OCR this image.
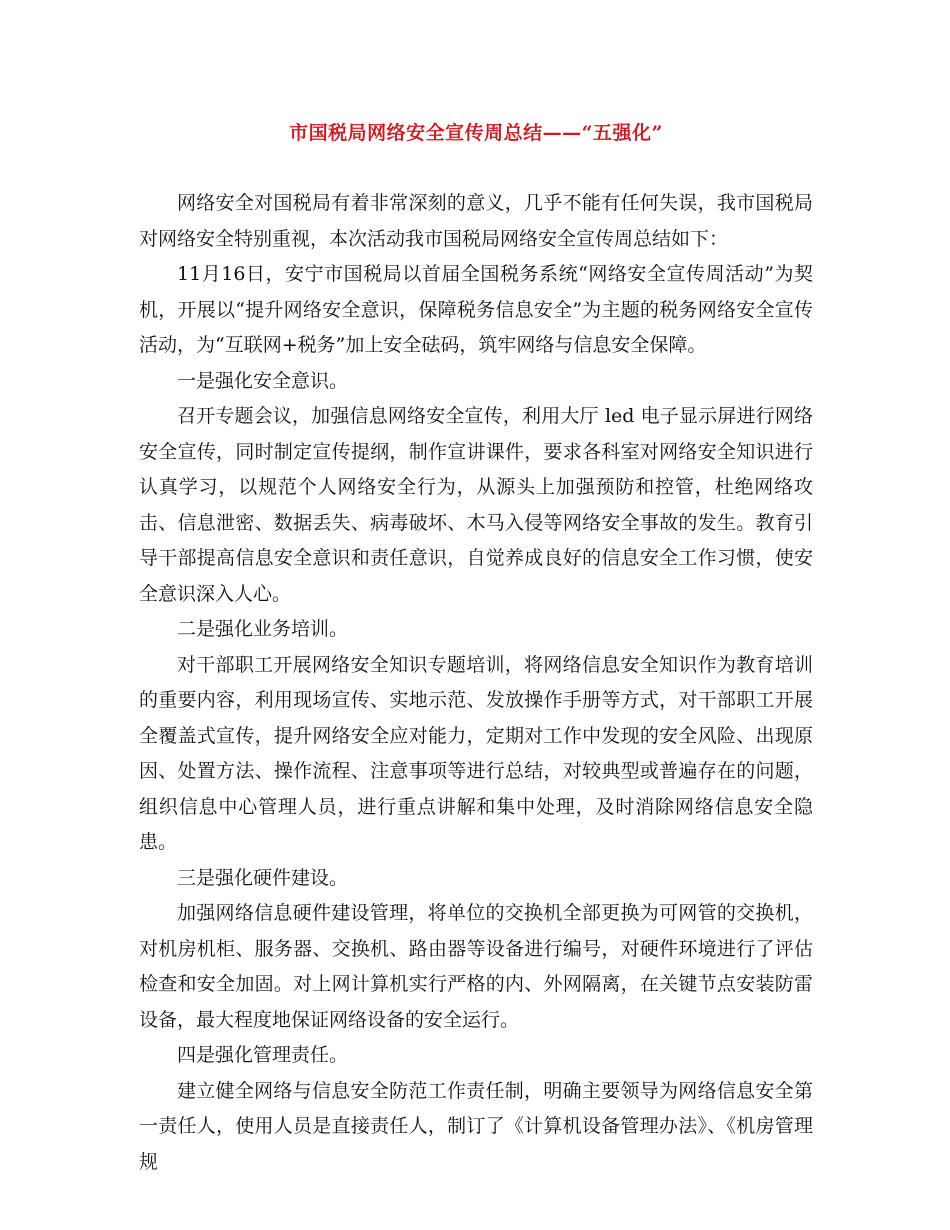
市国税局网络安全宣传周总结——“五强化”

网络安全对国税局有着非常深刻的意义，几乎不能有任何失误，我市国税局对网络安全特别重视，本次活动我市国税局网络安全宣传周总结如下：

11月16日，安宁市国税局以首届全国税务系统“网络安全宣传周活动”为契机，开展以“提升网络安全意识，保障税务信息安全”为主题的税务网络安全宣传活动，为“互联网+税务”加上安全砝码，筑牢网络与信息安全保障。

一是强化安全意识。

召开专题会议，加强信息网络安全宣传，利用大厅 led 电子显示屏进行网络安全宣传，同时制定宣传提纲，制作宣讲课件，要求各科室对网络安全知识进行认真学习，以规范个人网络安全行为，从源头上加强预防和控管，杜绝网络攻击、信息泄密、数据丢失、病毒破坏、木马入侵等网络安全事故的发生。教育引导干部提高信息安全意识和责任意识，自觉养成良好的信息安全工作习惯，使安全意识深入人心。

二是强化业务培训。

对干部职工开展网络安全知识专题培训，将网络信息安全知识作为教育培训的重要内容，利用现场宣传、实地示范、发放操作手册等方式，对干部职工开展全覆盖式宣传，提升网络安全应对能力，定期对工作中发现的安全风险、出现原因、处置方法、操作流程、注意事项等进行总结，对较典型或普遍存在的问题，组织信息中心管理人员，进行重点讲解和集中处理，及时消除网络信息安全隐患。

三是强化硬件建设。

加强网络信息硬件建设管理，将单位的交换机全部更换为可网管的交换机，对机房机柜、服务器、交换机、路由器等设备进行编号，对硬件环境进行了评估检查和安全加固。对上网计算机实行严格的内、外网隔离，在关键节点安装防雷设备，最大程度地保证网络设备的安全运行。

四是强化管理责任。

建立健全网络与信息安全防范工作责任制，明确主要领导为网络信息安全第一责任人，使用人员是直接责任人，制订了《计算机设备管理办法》、《机房管理规
